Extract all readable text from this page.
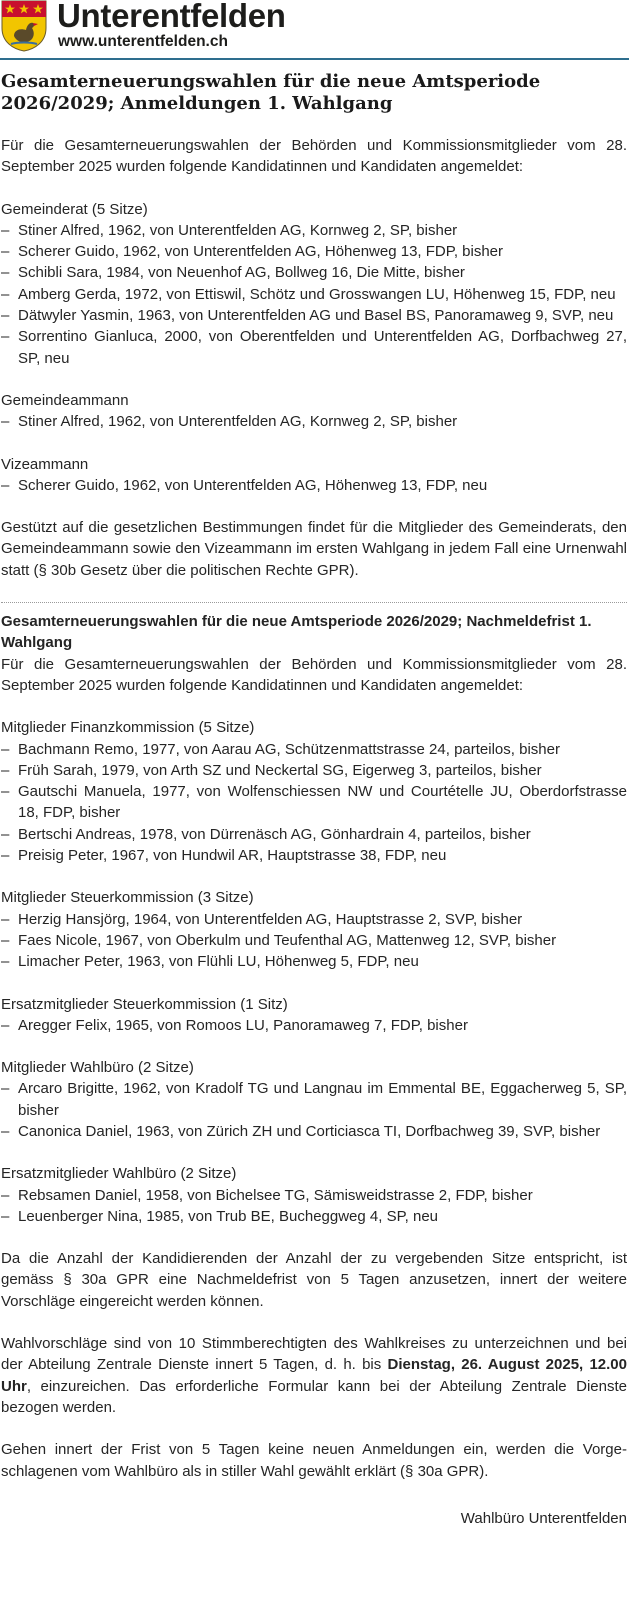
Unterentfelden
www.unterentfelden.ch
Gesamterneuerungswahlen für die neue Amtsperiode 2026/2029; Anmeldungen 1. Wahlgang
Für die Gesamterneuerungswahlen der Behörden und Kommissionsmitglieder vom 28. September 2025 wurden folgende Kandidatinnen und Kandidaten angemeldet:
Gemeinderat (5 Sitze)
– Stiner Alfred, 1962, von Unterentfelden AG, Kornweg 2, SP, bisher
– Scherer Guido, 1962, von Unterentfelden AG, Höhenweg 13, FDP, bisher
– Schibli Sara, 1984, von Neuenhof AG, Bollweg 16, Die Mitte, bisher
– Amberg Gerda, 1972, von Ettiswil, Schötz und Grosswangen LU, Höhenweg 15, FDP, neu
– Dätwyler Yasmin, 1963, von Unterentfelden AG und Basel BS, Panoramaweg 9, SVP, neu
– Sorrentino Gianluca, 2000, von Oberentfelden und Unterentfelden AG, Dorfbachweg 27, SP, neu
Gemeindeammann
– Stiner Alfred, 1962, von Unterentfelden AG, Kornweg 2, SP, bisher
Vizeammann
– Scherer Guido, 1962, von Unterentfelden AG, Höhenweg 13, FDP, neu
Gestützt auf die gesetzlichen Bestimmungen findet für die Mitglieder des Gemeinderats, den Gemeindeammann sowie den Vizeammann im ersten Wahlgang in jedem Fall eine Urnenwahl statt (§ 30b Gesetz über die politischen Rechte GPR).
Gesamterneuerungswahlen für die neue Amtsperiode 2026/2029; Nachmeldefrist 1. Wahlgang
Für die Gesamterneuerungswahlen der Behörden und Kommissionsmitglieder vom 28. September 2025 wurden folgende Kandidatinnen und Kandidaten angemeldet:
Mitglieder Finanzkommission (5 Sitze)
– Bachmann Remo, 1977, von Aarau AG, Schützenmattstrasse 24, parteilos, bisher
– Früh Sarah, 1979, von Arth SZ und Neckertal SG, Eigerweg 3, parteilos, bisher
– Gautschi Manuela, 1977, von Wolfenschiessen NW und Courtételle JU, Oberdorfstrasse 18, FDP, bisher
– Bertschi Andreas, 1978, von Dürrenäsch AG, Gönhardrain 4, parteilos, bisher
– Preisig Peter, 1967, von Hundwil AR, Hauptstrasse 38, FDP, neu
Mitglieder Steuerkommission (3 Sitze)
– Herzig Hansjörg, 1964, von Unterentfelden AG, Hauptstrasse 2, SVP, bisher
– Faes Nicole, 1967, von Oberkulm und Teufenthal AG, Mattenweg 12, SVP, bisher
– Limacher Peter, 1963, von Flühli LU, Höhenweg 5, FDP, neu
Ersatzmitglieder Steuerkommission (1 Sitz)
– Aregger Felix, 1965, von Romoos LU, Panoramaweg 7, FDP, bisher
Mitglieder Wahlbüro (2 Sitze)
– Arcaro Brigitte, 1962, von Kradolf TG und Langnau im Emmental BE, Eggacherweg 5, SP, bisher
– Canonica Daniel, 1963, von Zürich ZH und Corticiasca TI, Dorfbachweg 39, SVP, bisher
Ersatzmitglieder Wahlbüro (2 Sitze)
– Rebsamen Daniel, 1958, von Bichelsee TG, Sämisweidstrasse 2, FDP, bisher
– Leuenberger Nina, 1985, von Trub BE, Bucheggweg 4, SP, neu
Da die Anzahl der Kandidierenden der Anzahl der zu vergebenden Sitze entspricht, ist gemäss § 30a GPR eine Nachmeldefrist von 5 Tagen anzusetzen, innert der weitere Vorschläge eingereicht werden können.
Wahlvorschläge sind von 10 Stimmberechtigten des Wahlkreises zu unterzeichnen und bei der Abteilung Zentrale Dienste innert 5 Tagen, d. h. bis Dienstag, 26. August 2025, 12.00 Uhr, einzureichen. Das erforderliche Formular kann bei der Abteilung Zentrale Dienste bezogen werden.
Gehen innert der Frist von 5 Tagen keine neuen Anmeldungen ein, werden die Vorgeschlagenen vom Wahlbüro als in stiller Wahl gewählt erklärt (§ 30a GPR).
Wahlbüro Unterentfelden
